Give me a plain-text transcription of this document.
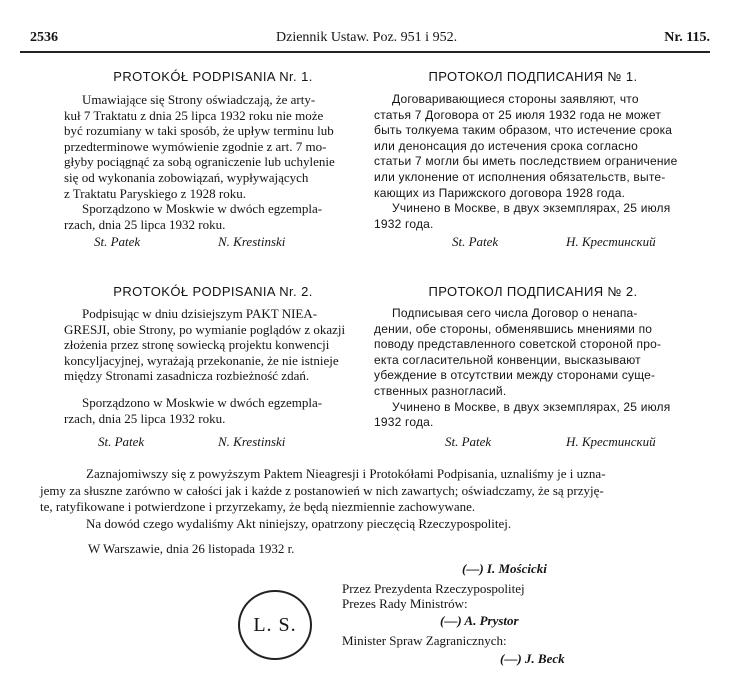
2536	Dziennik Ustaw. Poz. 951 i 952.	Nr. 115.
PROTOKÓŁ PODPISANIA Nr. 1.
Umawiające się Strony oświadczają, że arty-
kuł 7 Traktatu z dnia 25 lipca 1932 roku nie może
być rozumiany w taki sposób, że upływ terminu lub
przedterminowe wymówienie zgodnie z art. 7 mo-
głyby pociągnąć za sobą ograniczenie lub uchylenie
się od wykonania zobowiązań, wypływających
z Traktatu Paryskiego z 1928 roku.
Sporządzono w Moskwie w dwóch egzempla-
rzach, dnia 25 lipca 1932 roku.
St. Patek	N. Krestinski
ПРОТОКОЛ ПОДПИСАНИЯ № 1.
Договаривающиеся стороны заявляют, что
статья 7 Договора от 25 июля 1932 года не может
быть толкуема таким образом, что истечение срока
или денонсация до истечения срока согласно
статьи 7 могли бы иметь последствием ограничение
или уклонение от исполнения обязательств, выте-
кающих из Парижского договора 1928 года.
Учинено в Москве, в двух экземплярах, 25 июля
1932 года.
St. Patek	Н. Крестинский
PROTOKÓŁ PODPISANIA Nr. 2.
Podpisując w dniu dzisiejszym PAKT NIEA-
GRESJI, obie Strony, po wymianie poglądów z okazji
złożenia przez stronę sowiecką projektu konwencji
koncyljacyjnej, wyrażają przekonanie, że nie istnieje
między Stronami zasadnicza rozbieżność zdań.
Sporządzono w Moskwie w dwóch egzempla-
rzach, dnia 25 lipca 1932 roku.
St. Patek	N. Krestinski
ПРОТОКОЛ ПОДПИСАНИЯ № 2.
Подписывая сего числа Договор о ненапа-
дении, обе стороны, обменявшись мнениями по
поводу представленного советской стороной про-
екта согласительной конвенции, высказывают
убеждение в отсутствии между сторонами суще-
ственных разногласий.
Учинено в Москве, в двух экземплярах, 25 июля
1932 года.
St. Patek	Н. Крестинский
Zaznajomiwszy się z powyższym Paktem Nieagresji i Protokółami Podpisania, uznaliśmy je i uzna-
jemy za słuszne zarówno w całości jak i każde z postanowień w nich zawartych; oświadczamy, że są przyję-
te, ratyfikowane i potwierdzone i przyrzekamy, że będą niezmiennie zachowywane.
Na dowód czego wydaliśmy Akt niniejszy, opatrzony pieczęcią Rzeczypospolitej.
W Warszawie, dnia 26 listopada 1932 r.
(—) I. Mościcki
Przez Prezydenta Rzeczypospolitej
Prezes Rady Ministrów:
(—) A. Prystor
Minister Spraw Zagranicznych:
(—) J. Beck
L. S.
